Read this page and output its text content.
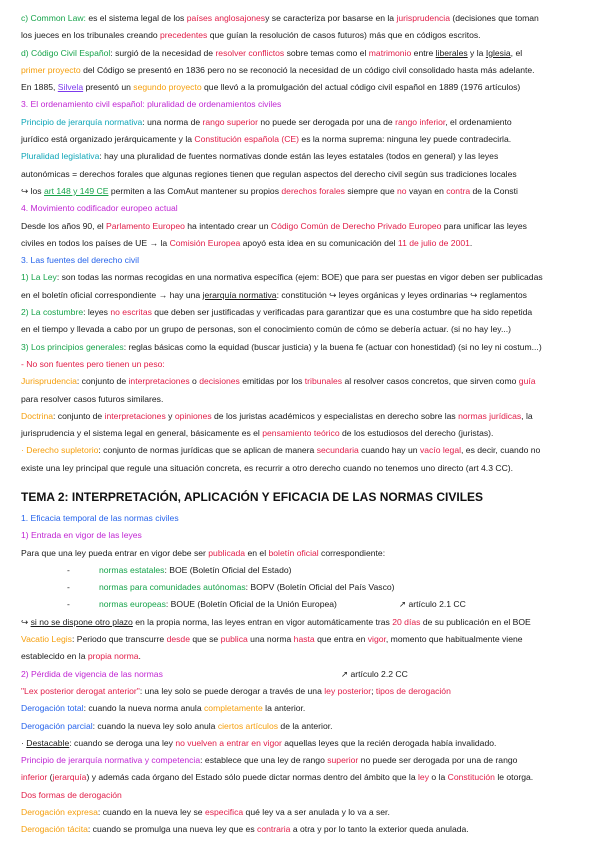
c) Common Law: es el sistema legal de los países anglosajonesy se caracteriza por basarse en la jurisprudencia (decisiones que toman

los jueces en los tribunales creando precedentes que guían la resolución de casos futuros) más que en códigos escritos.

d) Código Civil Español: surgió de la necesidad de resolver conflictos sobre temas como el matrimonio entre liberales y la Iglesia, el

primer proyecto del Código se presentó en 1836 pero no se reconoció la necesidad de un código civil consolidado hasta más adelante.

En 1885, Silvela presentó un segundo proyecto que llevó a la promulgación del actual código civil español en 1889 (1976 artículos)

3. El ordenamiento civil español: pluralidad de ordenamientos civiles

Principio de jerarquía normativa: una norma de rango superior no puede ser derogada por una de rango inferior, el ordenamiento

jurídico está organizado jerárquicamente y la Constitución española (CE) es la norma suprema: ninguna ley puede contradecirla.

Pluralidad legislativa: hay una pluralidad de fuentes normativas donde están las leyes estatales (todos en general) y las leyes

autonómicas = derechos forales que algunas regiones tienen que regulan aspectos del derecho civil según sus tradiciones locales

↪ los art 148 y 149 CE permiten a las ComAut mantener su propios derechos forales siempre que no vayan en contra de la Consti

4. Movimiento codificador europeo actual

Desde los años 90, el Parlamento Europeo ha intentado crear un Código Común de Derecho Privado Europeo para unificar las leyes

civiles en todos los países de UE → la Comisión Europea apoyó esta idea en su comunicación del 11 de julio de 2001.

3. Las fuentes del derecho civil

1) La Ley: son todas las normas recogidas en una normativa específica (ejem: BOE) que para ser puestas en vigor deben ser publicadas

en el boletín oficial correspondiente → hay una jerarquía normativa: constitución ↪ leyes orgánicas y leyes ordinarias ↪ reglamentos

2) La costumbre: leyes no escritas que deben ser justificadas y verificadas para garantizar que es una costumbre que ha sido repetida

en el tiempo y llevada a cabo por un grupo de personas, son el conocimiento común de cómo se debería actuar. (si no hay ley...)

3) Los principios generales: reglas básicas como la equidad (buscar justicia) y la buena fe (actuar con honestidad) (si no ley ni costum...)

- No son fuentes pero tienen un peso:

Jurisprudencia: conjunto de interpretaciones o decisiones emitidas por los tribunales al resolver casos concretos, que sirven como guía

para resolver casos futuros similares.

Doctrina: conjunto de interpretaciones y opiniones de los juristas académicos y especialistas en derecho sobre las normas jurídicas, la

jurisprudencia y el sistema legal en general, básicamente es el pensamiento teórico de los estudiosos del derecho (juristas).

· Derecho supletorio: conjunto de normas jurídicas que se aplican de manera secundaria cuando hay un vacío legal, es decir, cuando no

existe una ley principal que regule una situación concreta, es recurrir a otro derecho cuando no tenemos uno directo (art 4.3 CC).

TEMA 2: INTERPRETACIÓN, APLICACIÓN Y EFICACIA DE LAS NORMAS CIVILES

1. Eficacia temporal de las normas civiles

1) Entrada en vigor de las leyes

Para que una ley pueda entrar en vigor debe ser publicada en el boletín oficial correspondiente:

-	normas estatales: BOE (Boletín Oficial del Estado)

-	normas para comunidades autónomas: BOPV (Boletín Oficial del País Vasco)

-	normas europeas: BOUE (Boletín Oficial de la Unión Europea)	↗ artículo 2.1 CC

↪ si no se dispone otro plazo en la propia norma, las leyes entran en vigor automáticamente tras 20 días de su publicación en el BOE

Vacatio Legis: Periodo que transcurre desde que se publica una norma hasta que entra en vigor, momento que habitualmente viene

establecido en la propia norma.

2) Pérdida de vigencia de las normas	↗ artículo 2.2 CC

"Lex posterior derogat anterior": una ley solo se puede derogar a través de una ley posterior; tipos de derogación

Derogación total: cuando la nueva norma anula completamente la anterior.

Derogación parcial: cuando la nueva ley solo anula ciertos artículos de la anterior.

· Destacable: cuando se deroga una ley no vuelven a entrar en vigor aquellas leyes que la recién derogada había invalidado.

Principio de jerarquía normativa y competencia: establece que una ley de rango superior no puede ser derogada por una de rango

inferior (jerarquía) y además cada órgano del Estado sólo puede dictar normas dentro del ámbito que la ley o la Constitución le otorga.

Dos formas de derogación

Derogación expresa: cuando en la nueva ley se especifica qué ley va a ser anulada y lo va a ser.

Derogación tácita: cuando se promulga una nueva ley que es contraria a otra y por lo tanto la exterior queda anulada.
